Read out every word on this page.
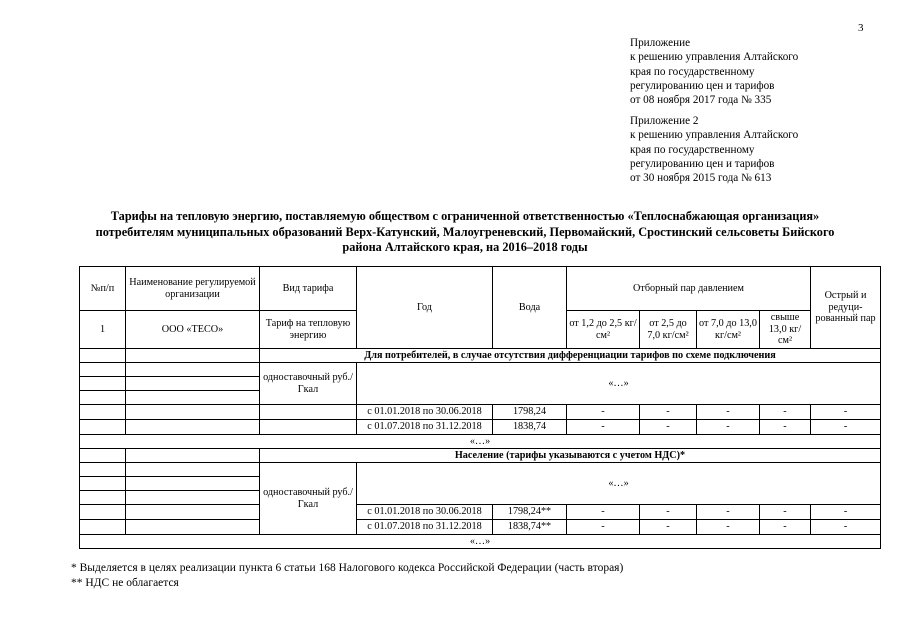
3
Приложение
к решению управления Алтайского
края по государственному
регулированию цен и тарифов
от 08 ноября 2017 года № 335
Приложение 2
к решению управления Алтайского
края по государственному
регулированию цен и тарифов
от 30 ноября 2015 года № 613
Тарифы на тепловую энергию, поставляемую обществом с ограниченной ответственностью «Теплоснабжающая организация»
потребителям муниципальных образований Верх-Катунский, Малоугреневский, Первомайский, Сростинский сельсоветы Бийского
района Алтайского края, на 2016–2018 годы
№п/п	Наименование регулируемой организации	Вид тарифа	Год	Вода	Отборный пар давлением				Острый и редуци-рованный пар
1	ООО «ТЕСО»	Тариф на тепловую энергию			от 1,2 до 2,5 кг/см²	от 2,5 до 7,0 кг/см²	от 7,0 до 13,0 кг/см²	свыше 13,0 кг/см²	
		Для потребителей, в случае отсутствия дифференциации тарифов по схеме подключения							
		одноставочный руб./Гкал	«…»						

			с 01.01.2018 по 30.06.2018	1798,24	-	-	-	-	-
			с 01.07.2018 по 31.12.2018	1838,74	-	-	-	-	-
«…»									
		Население (тарифы указываются с учетом НДС)*							
		одноставочный руб./Гкал	«…»						

			с 01.01.2018 по 30.06.2018	1798,24**	-	-	-	-	-
			с 01.07.2018 по 31.12.2018	1838,74**	-	-	-	-	-
«…»									
* Выделяется в целях реализации пункта 6 статьи 168 Налогового кодекса Российской Федерации (часть вторая)
** НДС не облагается
